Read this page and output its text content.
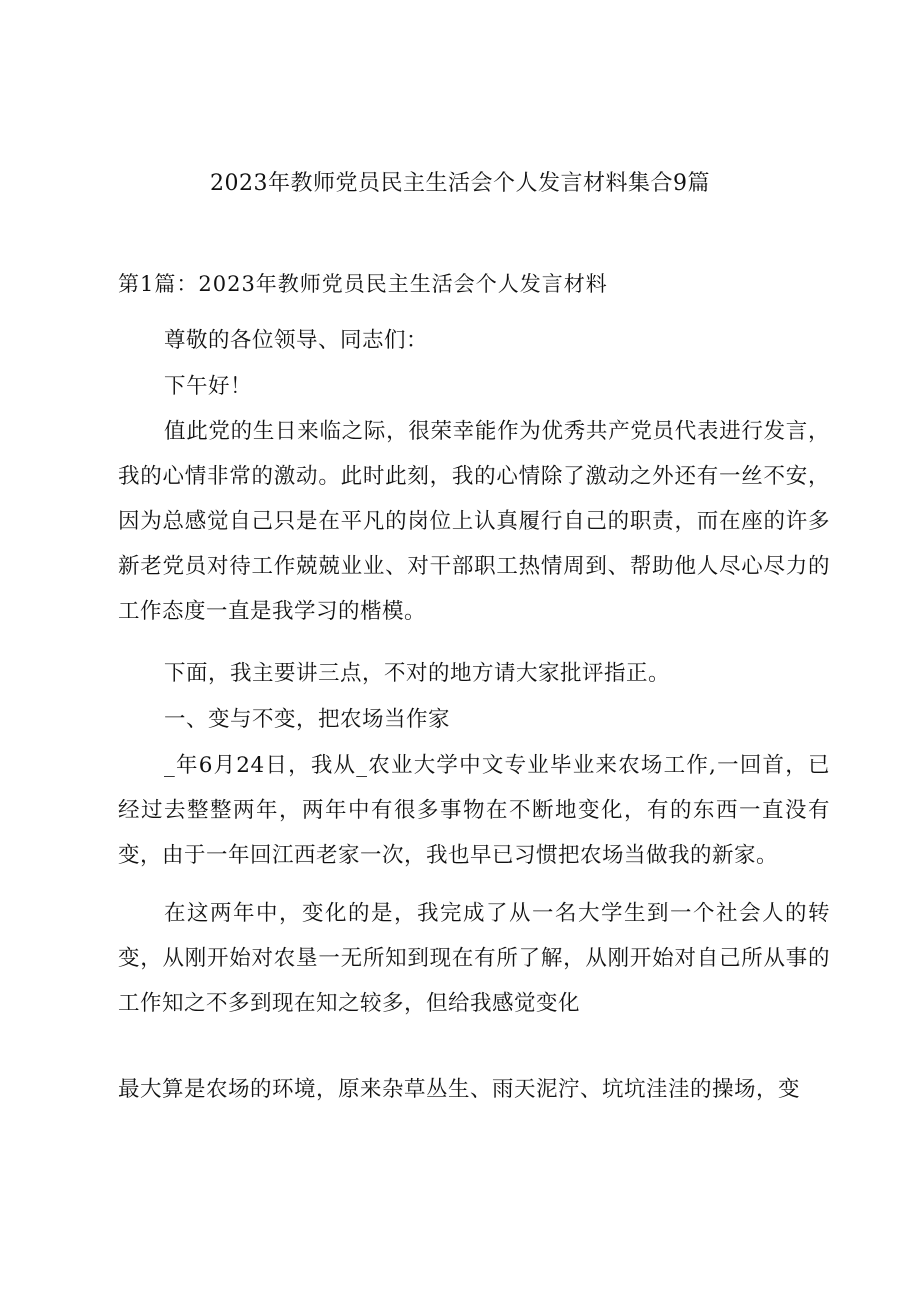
2023年教师党员民主生活会个人发言材料集合9篇
第1篇：2023年教师党员民主生活会个人发言材料

尊敬的各位领导、同志们：

下午好！

值此党的生日来临之际，很荣幸能作为优秀共产党员代表进行发言，我的心情非常的激动。此时此刻，我的心情除了激动之外还有一丝不安，因为总感觉自己只是在平凡的岗位上认真履行自己的职责，而在座的许多新老党员对待工作兢兢业业、对干部职工热情周到、帮助他人尽心尽力的工作态度一直是我学习的楷模。

下面，我主要讲三点，不对的地方请大家批评指正。

一、变与不变，把农场当作家

_年6月24日，我从_农业大学中文专业毕业来农场工作,一回首，已经过去整整两年，两年中有很多事物在不断地变化，有的东西一直没有变，由于一年回江西老家一次，我也早已习惯把农场当做我的新家。

在这两年中，变化的是，我完成了从一名大学生到一个社会人的转变，从刚开始对农垦一无所知到现在有所了解，从刚开始对自己所从事的工作知之不多到现在知之较多，但给我感觉变化

最大算是农场的环境，原来杂草丛生、雨天泥泞、坑坑洼洼的操场，变
